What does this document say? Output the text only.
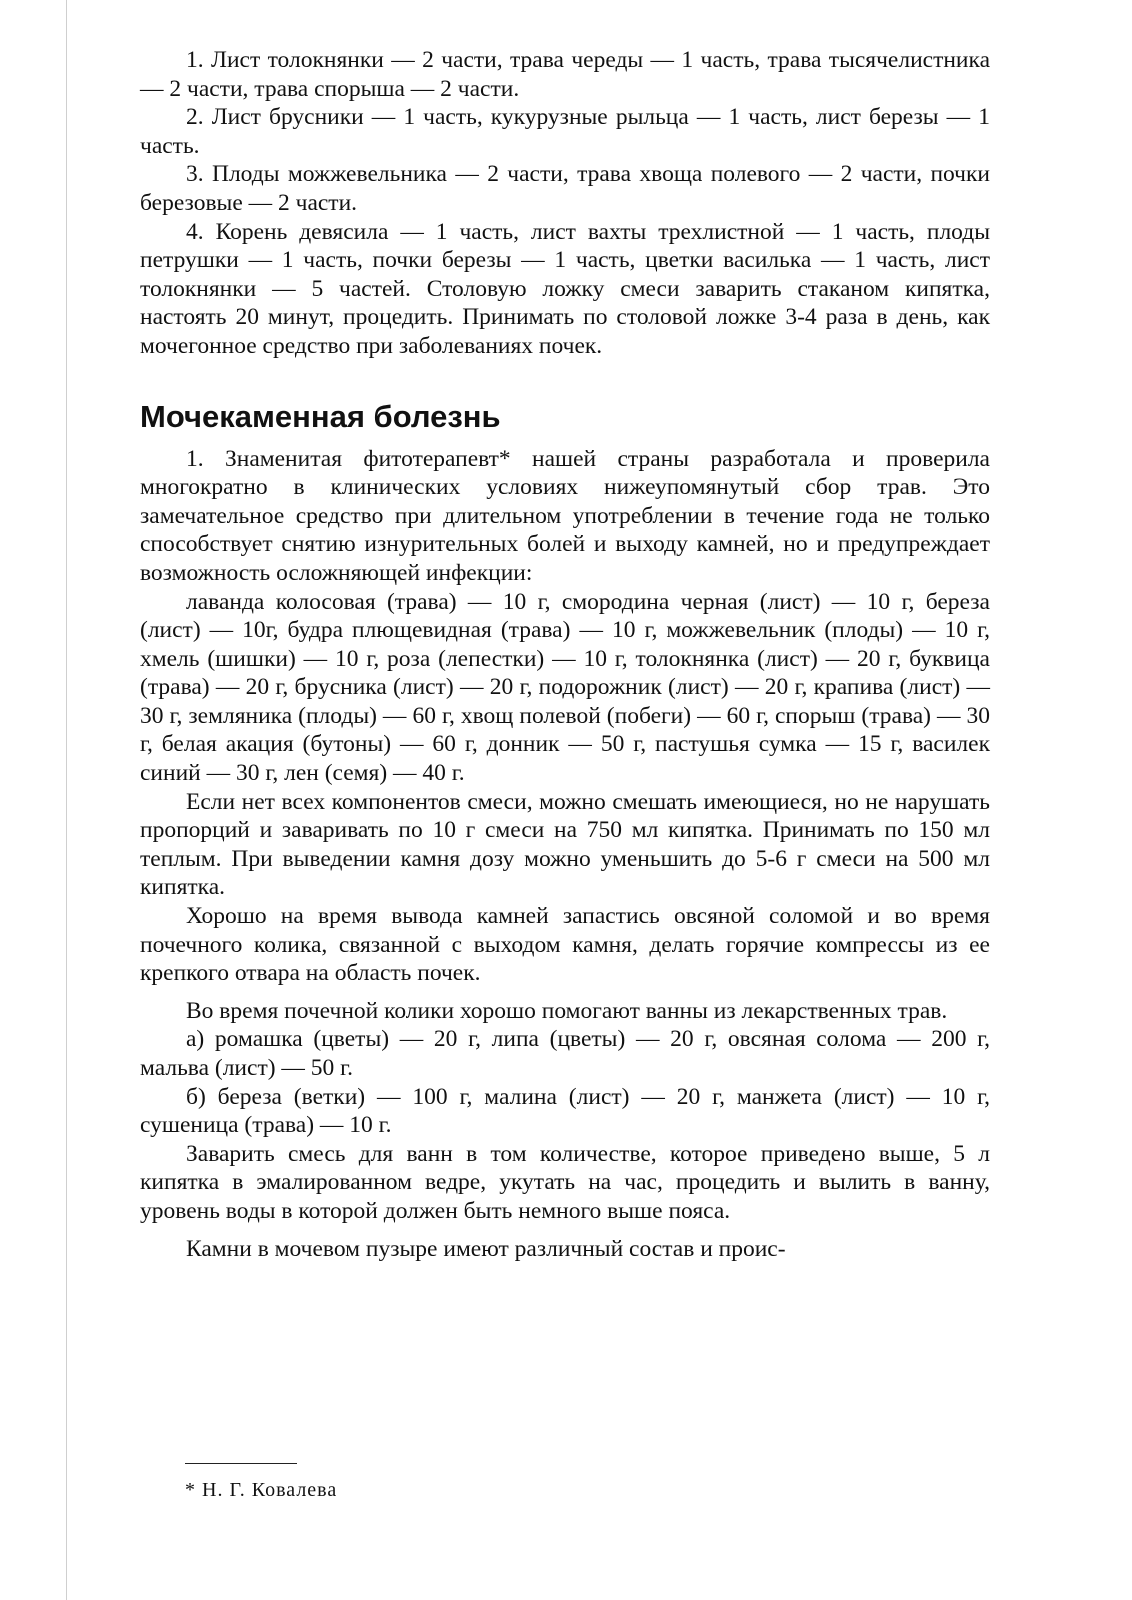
1. Лист толокнянки — 2 части, трава череды — 1 часть, трава тысячелистника — 2 части, трава спорыша — 2 части.

2. Лист брусники — 1 часть, кукурузные рыльца — 1 часть, лист березы — 1 часть.

3. Плоды можжевельника — 2 части, трава хвоща полевого — 2 части, почки березовые — 2 части.

4. Корень девясила — 1 часть, лист вахты трехлистной — 1 часть, плоды петрушки — 1 часть, почки березы — 1 часть, цветки василька — 1 часть, лист толокнянки — 5 частей. Столовую ложку смеси заварить стаканом кипятка, настоять 20 минут, процедить. Принимать по столовой ложке 3-4 раза в день, как мочегонное средство при заболеваниях почек.

Мочекаменная болезнь

1. Знаменитая фитотерапевт* нашей страны разработала и проверила многократно в клинических условиях нижеупомянутый сбор трав. Это замечательное средство при длительном употреблении в течение года не только способствует снятию изнурительных болей и выходу камней, но и предупреждает возможность осложняющей инфекции:

лаванда колосовая (трава) — 10 г, смородина черная (лист) — 10 г, береза (лист) — 10г, будра плющевидная (трава) — 10 г, можжевельник (плоды) — 10 г, хмель (шишки) — 10 г, роза (лепестки) — 10 г, толокнянка (лист) — 20 г, буквица (трава) — 20 г, брусника (лист) — 20 г, подорожник (лист) — 20 г, крапива (лист) — 30 г, земляника (плоды) — 60 г, хвощ полевой (побеги) — 60 г, спорыш (трава) — 30 г, белая акация (бутоны) — 60 г, донник — 50 г, пастушья сумка — 15 г, василек синий — 30 г, лен (семя) — 40 г.

Если нет всех компонентов смеси, можно смешать имеющиеся, но не нарушать пропорций и заваривать по 10 г смеси на 750 мл кипятка. Принимать по 150 мл теплым. При выведении камня дозу можно уменьшить до 5-6 г смеси на 500 мл кипятка.

Хорошо на время вывода камней запастись овсяной соломой и во время почечного колика, связанной с выходом камня, делать горячие компрессы из ее крепкого отвара на область почек.

Во время почечной колики хорошо помогают ванны из лекарственных трав.

а) ромашка (цветы) — 20 г, липа (цветы) — 20 г, овсяная солома — 200 г, мальва (лист) — 50 г.

б) береза (ветки) — 100 г, малина (лист) — 20 г, манжета (лист) — 10 г, сушеница (трава) — 10 г.

Заварить смесь для ванн в том количестве, которое приведено выше, 5 л кипятка в эмалированном ведре, укутать на час, процедить и вылить в ванну, уровень воды в которой должен быть немного выше пояса.

Камни в мочевом пузыре имеют различный состав и проис-

* Н. Г. Ковалева
